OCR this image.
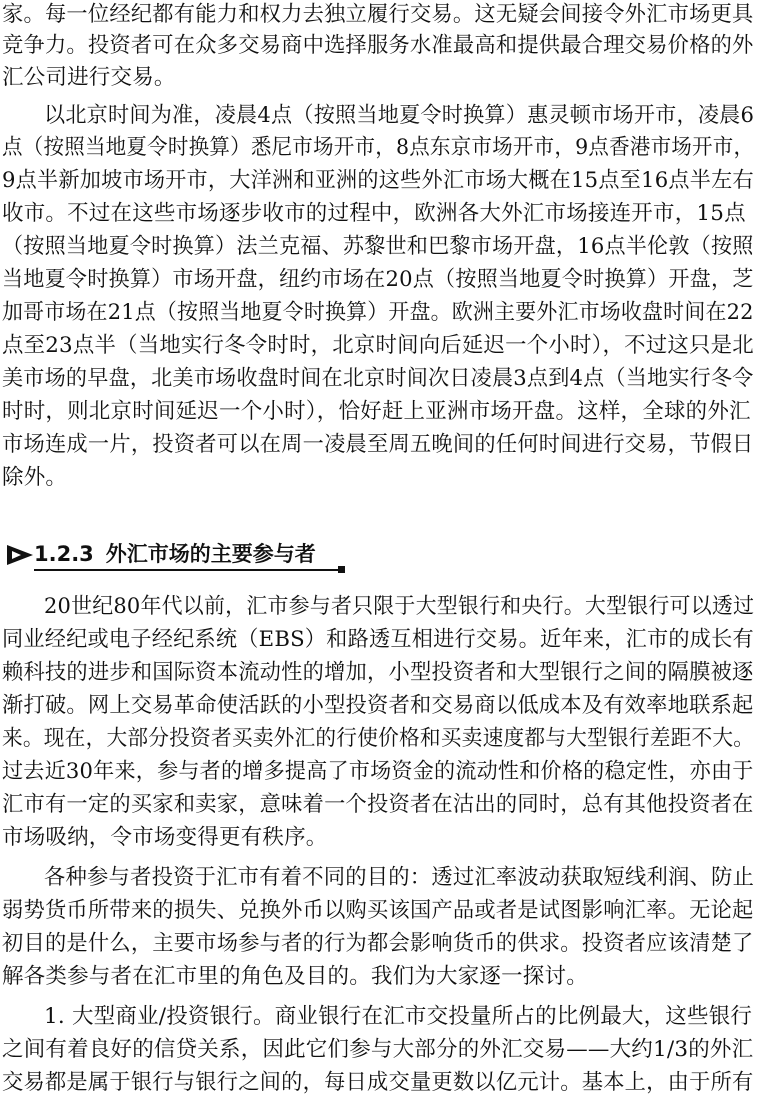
家。每一位经纪都有能力和权力去独立履行交易。这无疑会间接令外汇市场更具
竞争力。投资者可在众多交易商中选择服务水准最高和提供最合理交易价格的外
汇公司进行交易。
以北京时间为准，凌晨4点（按照当地夏令时换算）惠灵顿市场开市，凌晨6
点（按照当地夏令时换算）悉尼市场开市，8点东京市场开市，9点香港市场开市，
9点半新加坡市场开市，大洋洲和亚洲的这些外汇市场大概在15点至16点半左右
收市。不过在这些市场逐步收市的过程中，欧洲各大外汇市场接连开市，15点
（按照当地夏令时换算）法兰克福、苏黎世和巴黎市场开盘，16点半伦敦（按照
当地夏令时换算）市场开盘，纽约市场在20点（按照当地夏令时换算）开盘，芝
加哥市场在21点（按照当地夏令时换算）开盘。欧洲主要外汇市场收盘时间在22
点至23点半（当地实行冬令时时，北京时间向后延迟一个小时），不过这只是北
美市场的早盘，北美市场收盘时间在北京时间次日凌晨3点到4点（当地实行冬令
时时，则北京时间延迟一个小时），恰好赶上亚洲市场开盘。这样，全球的外汇
市场连成一片，投资者可以在周一凌晨至周五晚间的任何时间进行交易，节假日
除外。
1.2.3 外汇市场的主要参与者
20世纪80年代以前，汇市参与者只限于大型银行和央行。大型银行可以透过
同业经纪或电子经纪系统（EBS）和路透互相进行交易。近年来，汇市的成长有
赖科技的进步和国际资本流动性的增加，小型投资者和大型银行之间的隔膜被逐
渐打破。网上交易革命使活跃的小型投资者和交易商以低成本及有效率地联系起
来。现在，大部分投资者买卖外汇的行使价格和买卖速度都与大型银行差距不大。
过去近30年来，参与者的增多提高了市场资金的流动性和价格的稳定性，亦由于
汇市有一定的买家和卖家，意味着一个投资者在沽出的同时，总有其他投资者在
市场吸纳，令市场变得更有秩序。
各种参与者投资于汇市有着不同的目的：透过汇率波动获取短线利润、防止
弱势货币所带来的损失、兑换外币以购买该国产品或者是试图影响汇率。无论起
初目的是什么，主要市场参与者的行为都会影响货币的供求。投资者应该清楚了
解各类参与者在汇市里的角色及目的。我们为大家逐一探讨。
1. 大型商业/投资银行。商业银行在汇市交投量所占的比例最大，这些银行
之间有着良好的信贷关系，因此它们参与大部分的外汇交易——大约1/3的外汇
交易都是属于银行与银行之间的，每日成交量更数以亿元计。基本上，由于所有
